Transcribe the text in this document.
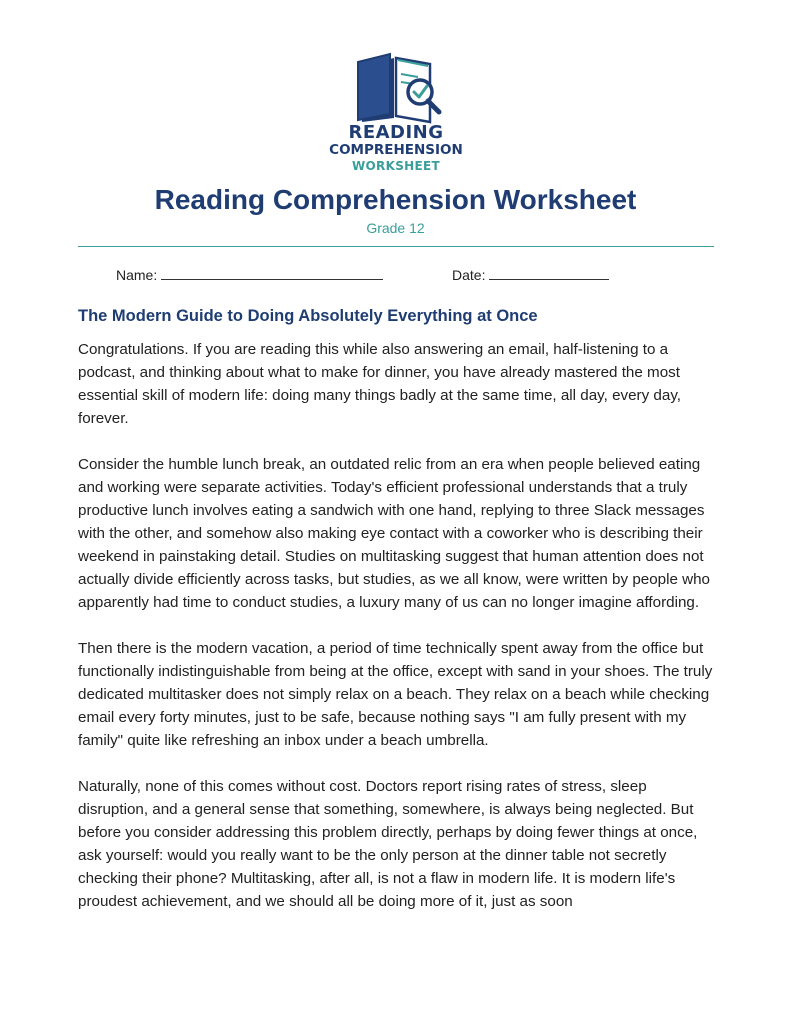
READING
COMPREHENSION
WORKSHEET
Reading Comprehension Worksheet
Grade 12
Name:	Date:
The Modern Guide to Doing Absolutely Everything at Once

Congratulations. If you are reading this while also answering an email, half-listening to a podcast, and thinking about what to make for dinner, you have already mastered the most essential skill of modern life: doing many things badly at the same time, all day, every day, forever.

Consider the humble lunch break, an outdated relic from an era when people believed eating and working were separate activities. Today's efficient professional understands that a truly productive lunch involves eating a sandwich with one hand, replying to three Slack messages with the other, and somehow also making eye contact with a coworker who is describing their weekend in painstaking detail. Studies on multitasking suggest that human attention does not actually divide efficiently across tasks, but studies, as we all know, were written by people who apparently had time to conduct studies, a luxury many of us can no longer imagine affording.

Then there is the modern vacation, a period of time technically spent away from the office but functionally indistinguishable from being at the office, except with sand in your shoes. The truly dedicated multitasker does not simply relax on a beach. They relax on a beach while checking email every forty minutes, just to be safe, because nothing says "I am fully present with my family" quite like refreshing an inbox under a beach umbrella.

Naturally, none of this comes without cost. Doctors report rising rates of stress, sleep disruption, and a general sense that something, somewhere, is always being neglected. But before you consider addressing this problem directly, perhaps by doing fewer things at once, ask yourself: would you really want to be the only person at the dinner table not secretly checking their phone? Multitasking, after all, is not a flaw in modern life. It is modern life's proudest achievement, and we should all be doing more of it, just as soon
